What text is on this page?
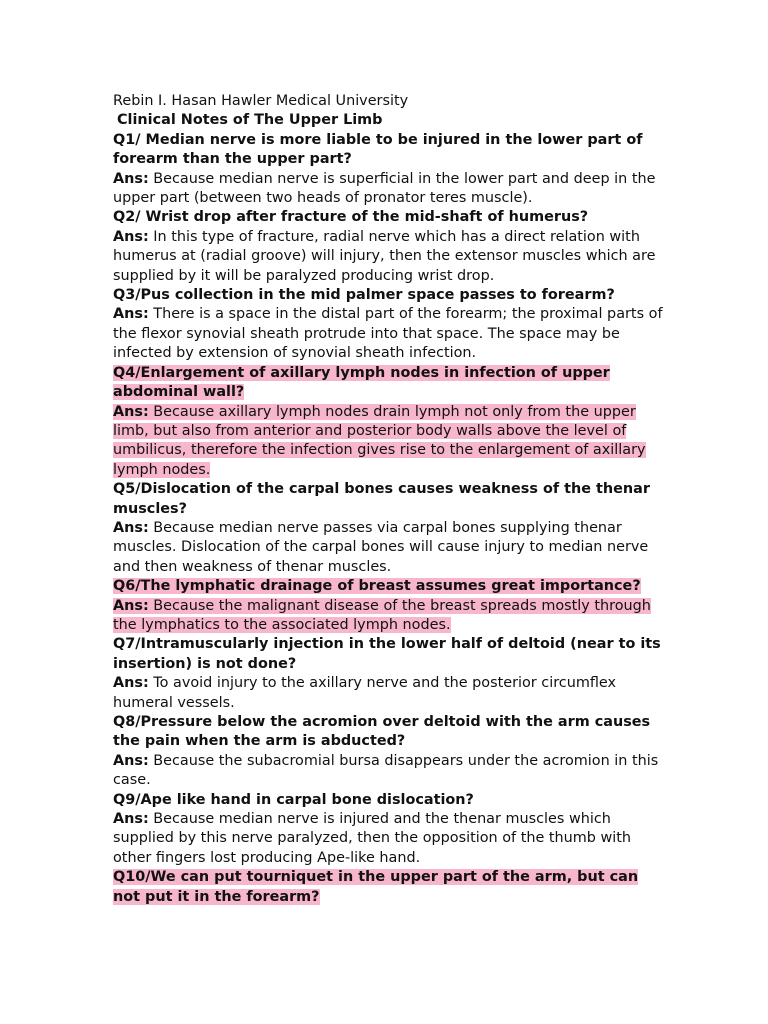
Rebin I. Hasan Hawler Medical University

Clinical Notes of The Upper Limb

Q1/ Median nerve is more liable to be injured in the lower part of forearm than the upper part?

Ans: Because median nerve is superficial in the lower part and deep in the upper part (between two heads of pronator teres muscle).

Q2/ Wrist drop after fracture of the mid-shaft of humerus?

Ans: In this type of fracture, radial nerve which has a direct relation with humerus at (radial groove) will injury, then the extensor muscles which are supplied by it will be paralyzed producing wrist drop.

Q3/Pus collection in the mid palmer space passes to forearm?

Ans: There is a space in the distal part of the forearm; the proximal parts of the flexor synovial sheath protrude into that space. The space may be infected by extension of synovial sheath infection.

Q4/Enlargement of axillary lymph nodes in infection of upper abdominal wall?

Ans: Because axillary lymph nodes drain lymph not only from the upper limb, but also from anterior and posterior body walls above the level of umbilicus, therefore the infection gives rise to the enlargement of axillary lymph nodes.

Q5/Dislocation of the carpal bones causes weakness of the thenar muscles?

Ans: Because median nerve passes via carpal bones supplying thenar muscles. Dislocation of the carpal bones will cause injury to median nerve and then weakness of thenar muscles.

Q6/The lymphatic drainage of breast assumes great importance?

Ans: Because the malignant disease of the breast spreads mostly through the lymphatics to the associated lymph nodes.

Q7/Intramuscularly injection in the lower half of deltoid (near to its insertion) is not done?

Ans: To avoid injury to the axillary nerve and the posterior circumflex humeral vessels.

Q8/Pressure below the acromion over deltoid with the arm causes the pain when the arm is abducted?

Ans: Because the subacromial bursa disappears under the acromion in this case.

Q9/Ape like hand in carpal bone dislocation?

Ans: Because median nerve is injured and the thenar muscles which supplied by this nerve paralyzed, then the opposition of the thumb with other fingers lost producing Ape-like hand.

Q10/We can put tourniquet in the upper part of the arm, but can not put it in the forearm?
